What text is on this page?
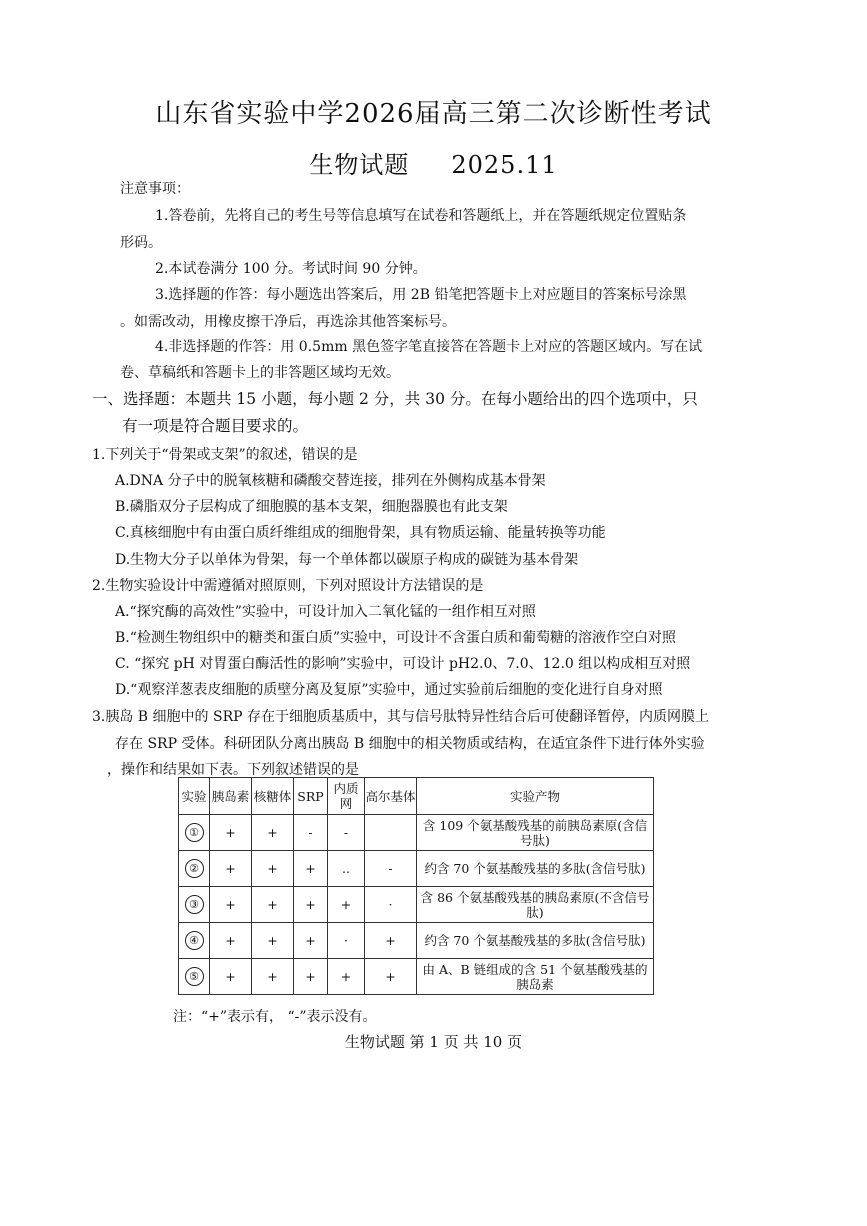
山东省实验中学2026届高三第二次诊断性考试
生物试题 2025.11
注意事项：
1.答卷前，先将自己的考生号等信息填写在试卷和答题纸上，并在答题纸规定位置贴条
形码。
2.本试卷满分 100 分。考试时间 90 分钟。
3.选择题的作答：每小题选出答案后，用 2B 铅笔把答题卡上对应题目的答案标号涂黑
。如需改动，用橡皮擦干净后，再选涂其他答案标号。
4.非选择题的作答：用 0.5mm 黑色签字笔直接答在答题卡上对应的答题区域内。写在试
卷、草稿纸和答题卡上的非答题区域均无效。
一、选择题：本题共 15 小题，每小题 2 分，共 30 分。在每小题给出的四个选项中，只
有一项是符合题目要求的。
1.下列关于“骨架或支架”的叙述，错误的是
A.DNA 分子中的脱氧核糖和磷酸交替连接，排列在外侧构成基本骨架
B.磷脂双分子层构成了细胞膜的基本支架，细胞器膜也有此支架
C.真核细胞中有由蛋白质纤维组成的细胞骨架，具有物质运输、能量转换等功能
D.生物大分子以单体为骨架，每一个单体都以碳原子构成的碳链为基本骨架
2.生物实验设计中需遵循对照原则，下列对照设计方法错误的是
A.“探究酶的高效性”实验中，可设计加入二氧化锰的一组作相互对照
B.“检测生物组织中的糖类和蛋白质”实验中，可设计不含蛋白质和葡萄糖的溶液作空白对照
C. “探究 pH 对胃蛋白酶活性的影响”实验中，可设计 pH2.0、7.0、12.0 组以构成相互对照
D.“观察洋葱表皮细胞的质壁分离及复原”实验中，通过实验前后细胞的变化进行自身对照
3.胰岛 B 细胞中的 SRP 存在于细胞质基质中，其与信号肽特异性结合后可使翻译暂停，内质网膜上
存在 SRP 受体。科研团队分离出胰岛 B 细胞中的相关物质或结构，在适宜条件下进行体外实验
，操作和结果如下表。下列叙述错误的是
实验	胰岛素	核糖体	SRP	内质网	高尔基体	实验产物
①	+	+	-	-		含 109 个氨基酸残基的前胰岛素原(含信号肽)
②	+	+	+	..	-	约含 70 个氨基酸残基的多肽(含信号肽)
③	+	+	+	+	·	含 86 个氨基酸残基的胰岛素原(不含信号肽)
④	+	+	+	·	+	约含 70 个氨基酸残基的多肽(含信号肽)
⑤	+	+	+	+	+	由 A、B 链组成的含 51 个氨基酸残基的胰岛素
注：“+”表示有， “-”表示没有。
生物试题 第 1 页 共 10 页
